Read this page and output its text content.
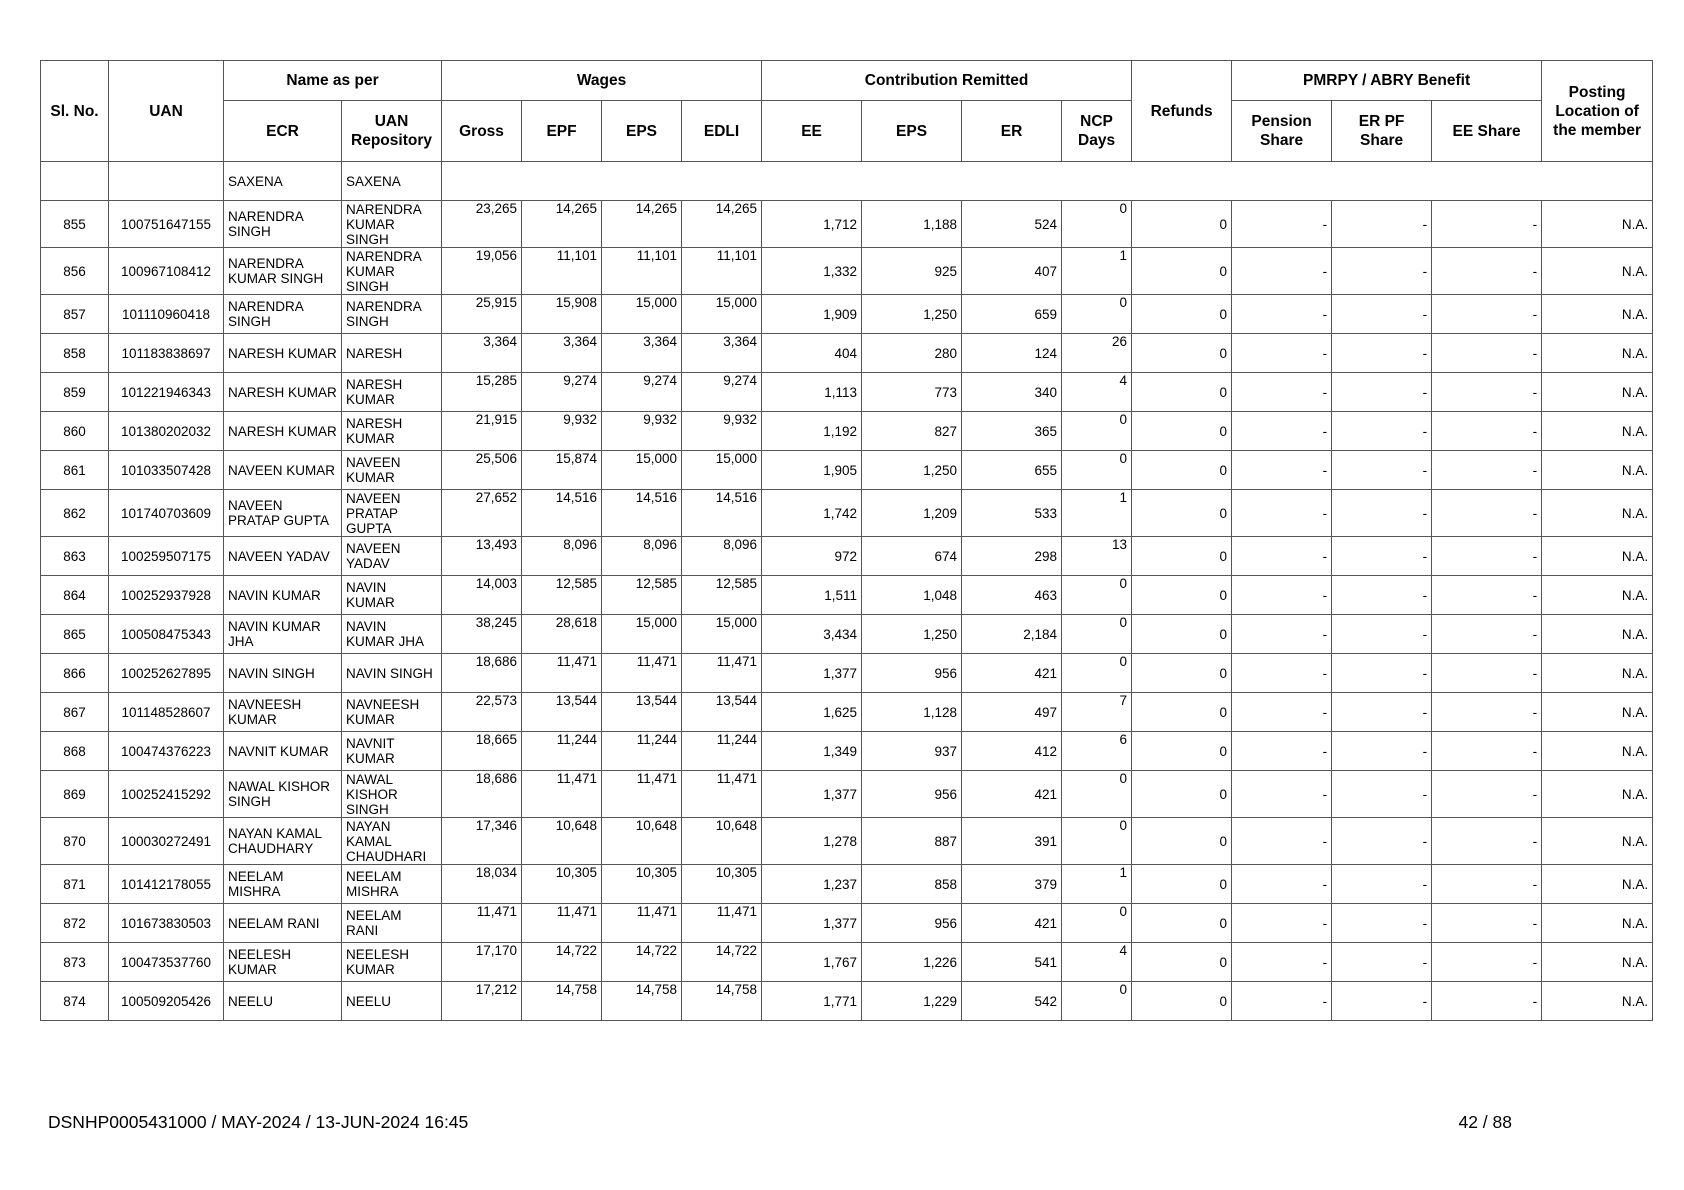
Sl. No.	UAN	Name as per		Wages				Contribution Remitted				Refunds	PMRPY / ABRY Benefit			Posting Location of the member
		ECR	UAN Repository	Gross	EPF	EPS	EDLI	EE	EPS	ER	NCP Days		Pension Share	ER PF Share	EE Share	
		SAXENA	SAXENA													
855	100751647155	NARENDRA SINGH	NARENDRA KUMAR SINGH	23,265	14,265	14,265	14,265	1,712	1,188	524	0	0	-	-	-	N.A.
856	100967108412	NARENDRA KUMAR SINGH	NARENDRA KUMAR SINGH	19,056	11,101	11,101	11,101	1,332	925	407	1	0	-	-	-	N.A.
857	101110960418	NARENDRA SINGH	NARENDRA SINGH	25,915	15,908	15,000	15,000	1,909	1,250	659	0	0	-	-	-	N.A.
858	101183838697	NARESH KUMAR	NARESH	3,364	3,364	3,364	3,364	404	280	124	26	0	-	-	-	N.A.
859	101221946343	NARESH KUMAR	NARESH KUMAR	15,285	9,274	9,274	9,274	1,113	773	340	4	0	-	-	-	N.A.
860	101380202032	NARESH KUMAR	NARESH KUMAR	21,915	9,932	9,932	9,932	1,192	827	365	0	0	-	-	-	N.A.
861	101033507428	NAVEEN KUMAR	NAVEEN KUMAR	25,506	15,874	15,000	15,000	1,905	1,250	655	0	0	-	-	-	N.A.
862	101740703609	NAVEEN PRATAP GUPTA	NAVEEN PRATAP GUPTA	27,652	14,516	14,516	14,516	1,742	1,209	533	1	0	-	-	-	N.A.
863	100259507175	NAVEEN YADAV	NAVEEN YADAV	13,493	8,096	8,096	8,096	972	674	298	13	0	-	-	-	N.A.
864	100252937928	NAVIN KUMAR	NAVIN KUMAR	14,003	12,585	12,585	12,585	1,511	1,048	463	0	0	-	-	-	N.A.
865	100508475343	NAVIN KUMAR JHA	NAVIN KUMAR JHA	38,245	28,618	15,000	15,000	3,434	1,250	2,184	0	0	-	-	-	N.A.
866	100252627895	NAVIN SINGH	NAVIN SINGH	18,686	11,471	11,471	11,471	1,377	956	421	0	0	-	-	-	N.A.
867	101148528607	NAVNEESH KUMAR	NAVNEESH KUMAR	22,573	13,544	13,544	13,544	1,625	1,128	497	7	0	-	-	-	N.A.
868	100474376223	NAVNIT KUMAR	NAVNIT KUMAR	18,665	11,244	11,244	11,244	1,349	937	412	6	0	-	-	-	N.A.
869	100252415292	NAWAL KISHOR SINGH	NAWAL KISHOR SINGH	18,686	11,471	11,471	11,471	1,377	956	421	0	0	-	-	-	N.A.
870	100030272491	NAYAN KAMAL CHAUDHARY	NAYAN KAMAL CHAUDHARI	17,346	10,648	10,648	10,648	1,278	887	391	0	0	-	-	-	N.A.
871	101412178055	NEELAM MISHRA	NEELAM MISHRA	18,034	10,305	10,305	10,305	1,237	858	379	1	0	-	-	-	N.A.
872	101673830503	NEELAM RANI	NEELAM RANI	11,471	11,471	11,471	11,471	1,377	956	421	0	0	-	-	-	N.A.
873	100473537760	NEELESH KUMAR	NEELESH KUMAR	17,170	14,722	14,722	14,722	1,767	1,226	541	4	0	-	-	-	N.A.
874	100509205426	NEELU	NEELU	17,212	14,758	14,758	14,758	1,771	1,229	542	0	0	-	-	-	N.A.
DSNHP0005431000 / MAY-2024 / 13-JUN-2024 16:45	42 / 88
